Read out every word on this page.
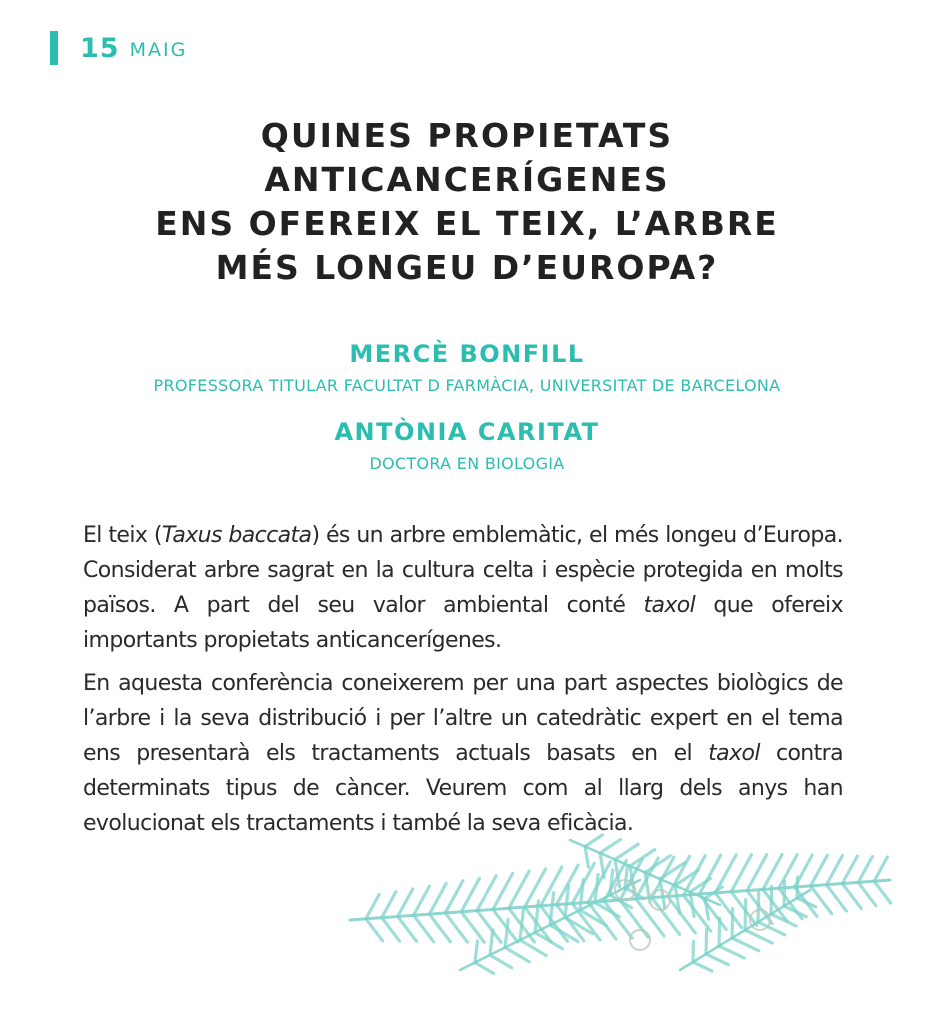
15 MAIG
QUINES PROPIETATS
ANTICANCERÍGENES
ENS OFEREIX EL TEIX, L’ARBRE
MÉS LONGEU D’EUROPA?

MERCÈ BONFILL

PROFESSORA TITULAR FACULTAT D FARMÀCIA, UNIVERSITAT DE BARCELONA

ANTÒNIA CARITAT

DOCTORA EN BIOLOGIA

El teix (Taxus baccata) és un arbre emblemàtic, el més longeu d’Europa. Considerat arbre sagrat en la cultura celta i espècie protegida en molts països. A part del seu valor ambiental conté taxol que ofereix importants propietats anticancerígenes.

En aquesta conferència coneixerem per una part aspectes biològics de l’arbre i la seva distribució i per l’altre un catedràtic expert en el tema ens presentarà els tractaments actuals basats en el taxol contra determinats tipus de càncer. Veurem com al llarg dels anys han evolucionat els tractaments i també la seva eficàcia.
